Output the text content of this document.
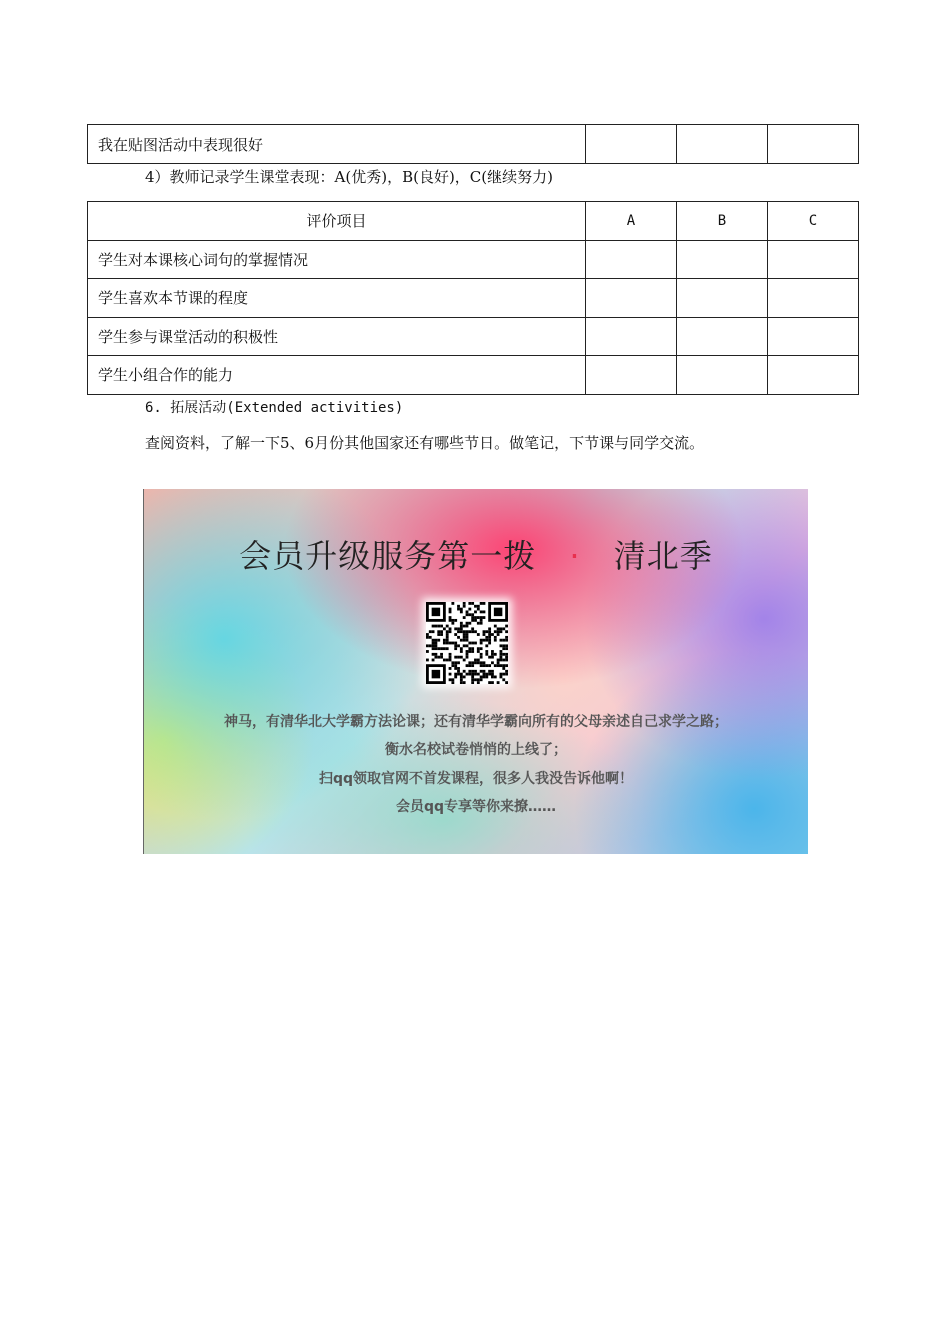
我在贴图活动中表现很好			
4）教师记录学生课堂表现：A(优秀)，B(良好)，C(继续努力)
评价项目	A	B	C
学生对本课核心词句的掌握情况			
学生喜欢本节课的程度			
学生参与课堂活动的积极性			
学生小组合作的能力			
6. 拓展活动(Extended activities)
查阅资料，了解一下5、6月份其他国家还有哪些节日。做笔记，下节课与同学交流。
会员升级服务第一拨 · 清北季
神马，有清华北大学霸方法论课；还有清华学霸向所有的父母亲述自己求学之路；
衡水名校试卷悄悄的上线了；
扫qq领取官网不首发课程，很多人我没告诉他啊！
会员qq专享等你来撩……
